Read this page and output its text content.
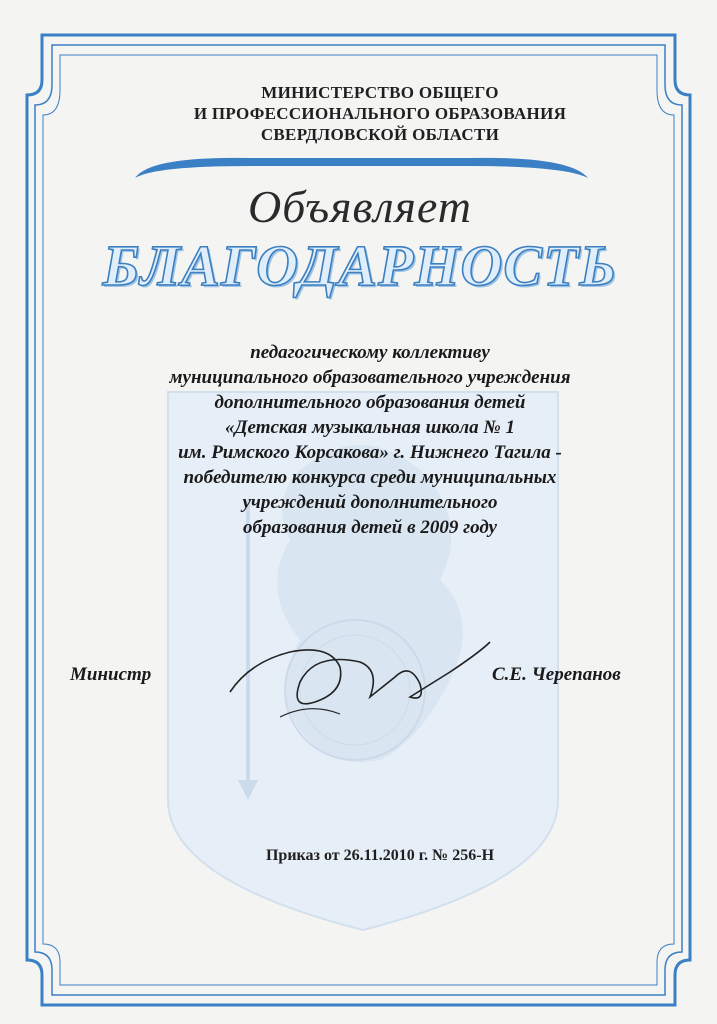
МИНИСТЕРСТВО ОБЩЕГО
И ПРОФЕССИОНАЛЬНОГО ОБРАЗОВАНИЯ
СВЕРДЛОВСКОЙ ОБЛАСТИ
Объявляет
БЛАГОДАРНОСТЬ
педагогическому коллективу
муниципального образовательного учреждения
дополнительного образования детей
«Детская музыкальная школа № 1
им. Римского Корсакова» г. Нижнего Тагила -
победителю конкурса среди муниципальных
учреждений дополнительного
образования детей в 2009 году
Министр	С.Е. Черепанов
Приказ от 26.11.2010 г. № 256-Н
